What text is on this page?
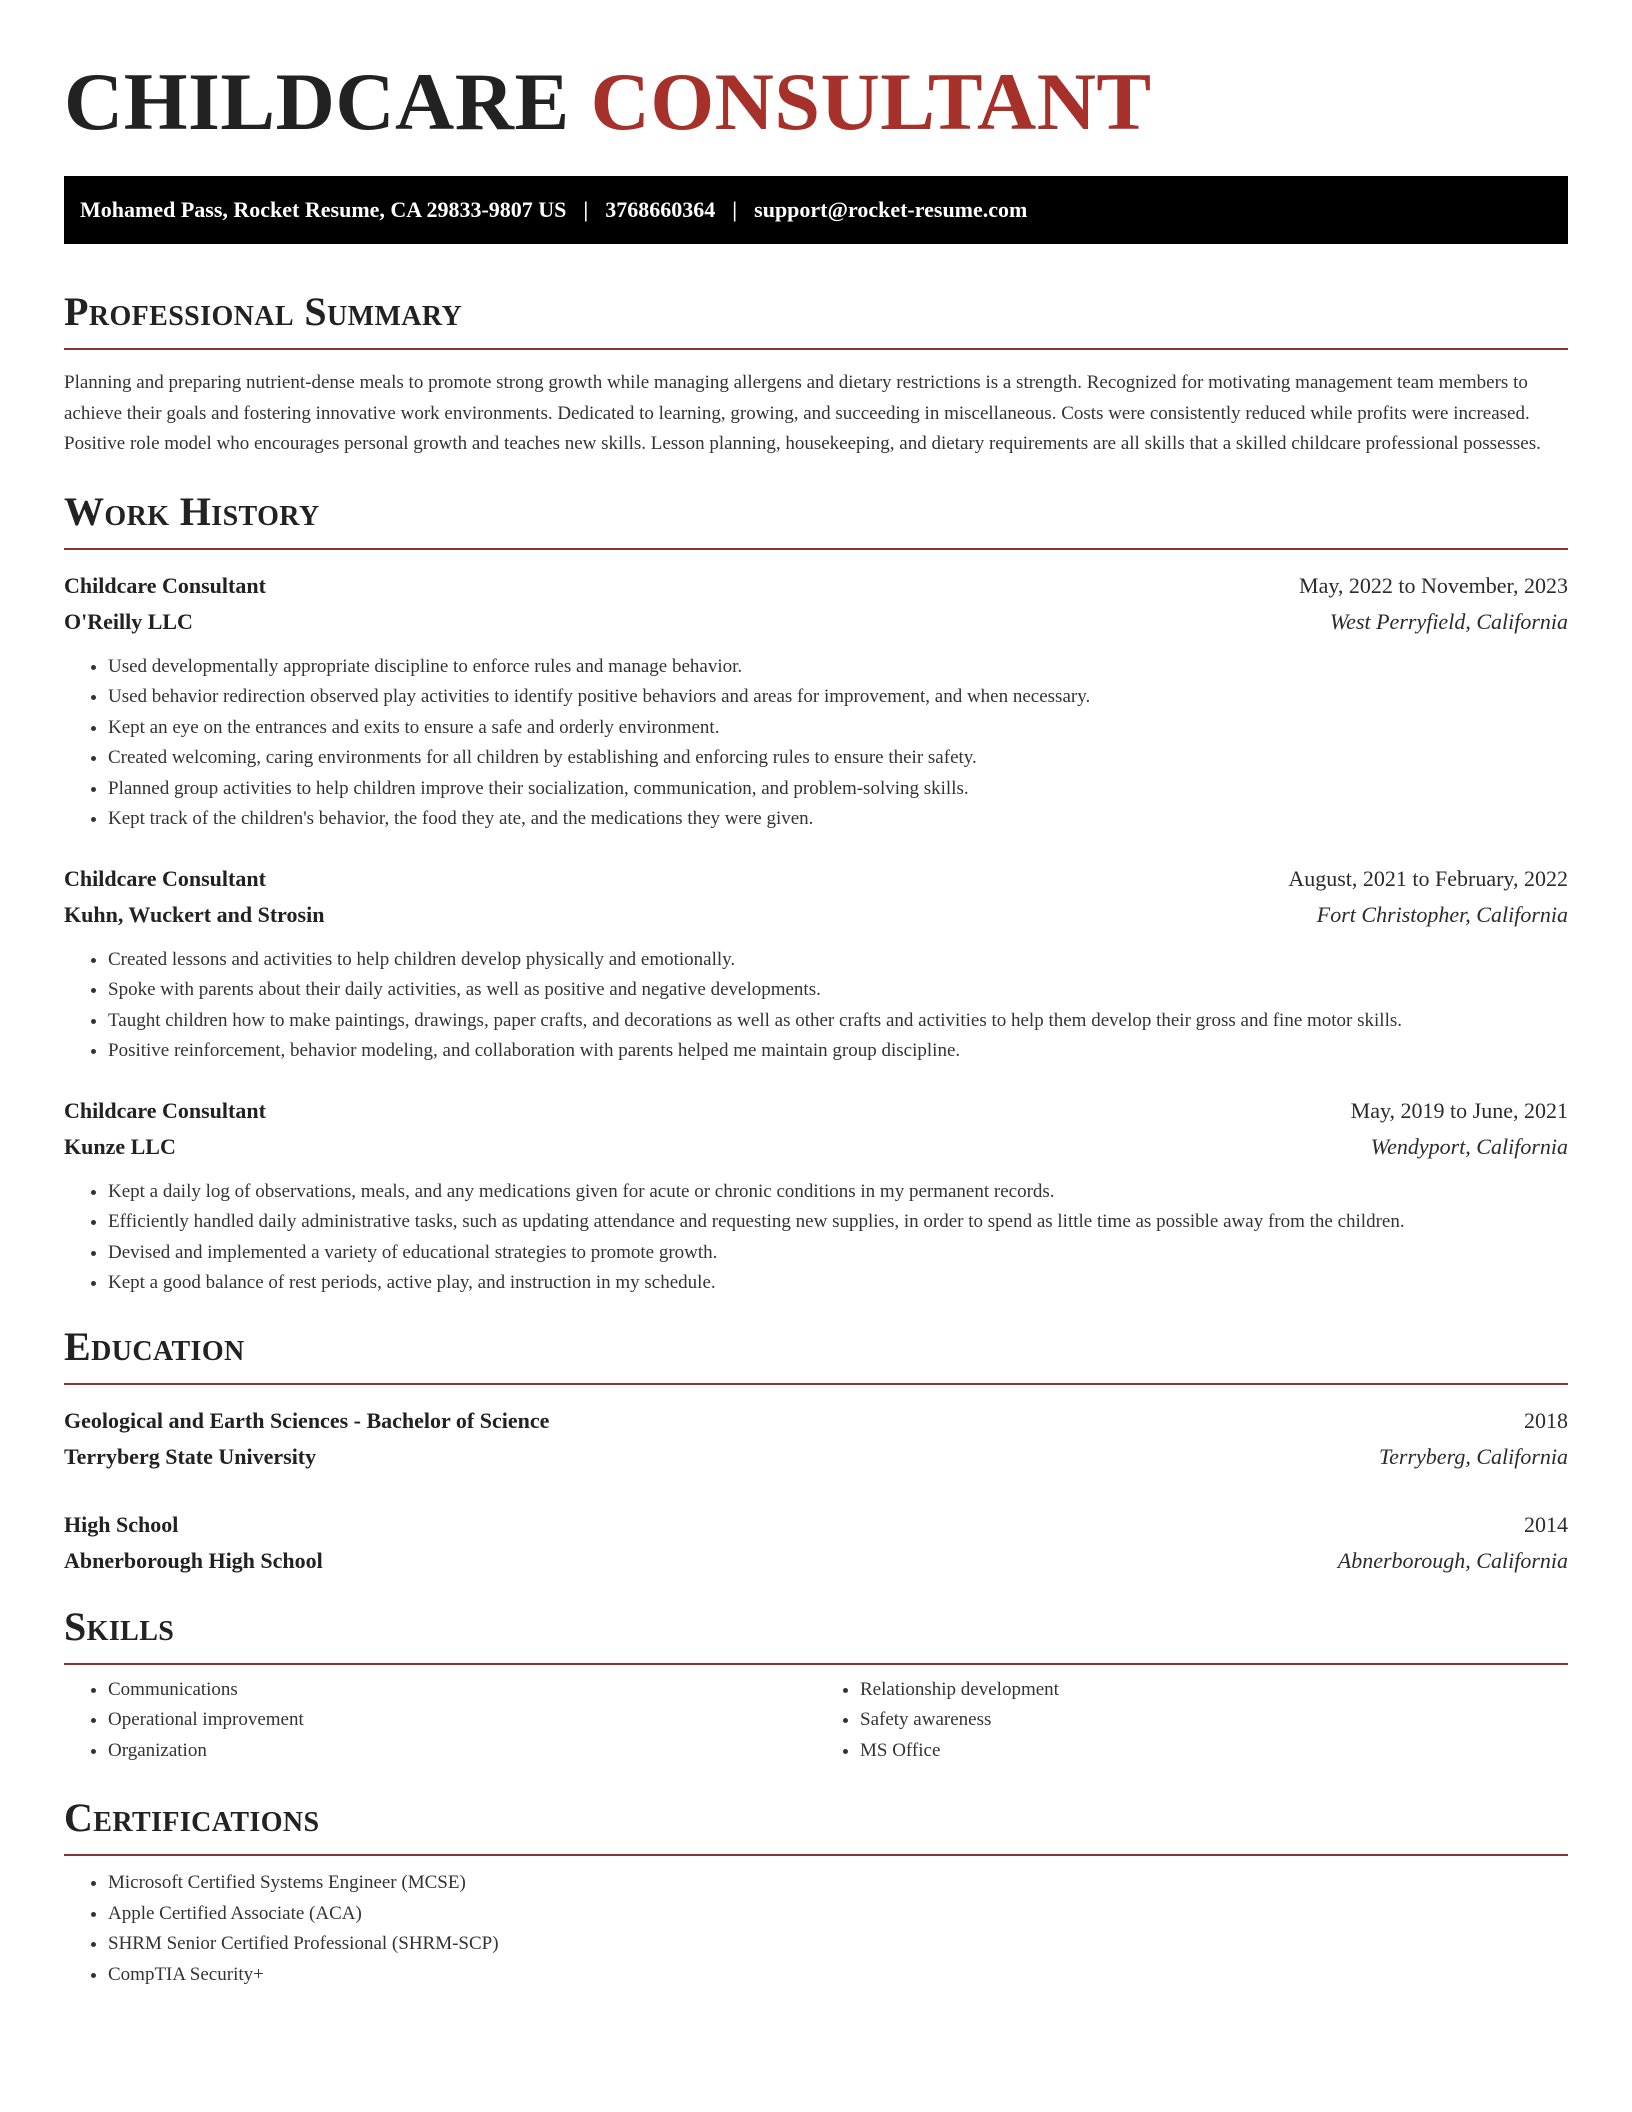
CHILDCARE CONSULTANT
Mohamed Pass, Rocket Resume, CA 29833-9807 US | 3768660364 | support@rocket-resume.com
Professional Summary

Planning and preparing nutrient-dense meals to promote strong growth while managing allergens and dietary restrictions is a strength. Recognized for motivating management team members to achieve their goals and fostering innovative work environments. Dedicated to learning, growing, and succeeding in miscellaneous. Costs were consistently reduced while profits were increased. Positive role model who encourages personal growth and teaches new skills. Lesson planning, housekeeping, and dietary requirements are all skills that a skilled childcare professional possesses.

Work History
Childcare Consultant	May, 2022 to November, 2023
O'Reilly LLC	West Perryfield, California
• Used developmentally appropriate discipline to enforce rules and manage behavior.
• Used behavior redirection observed play activities to identify positive behaviors and areas for improvement, and when necessary.
• Kept an eye on the entrances and exits to ensure a safe and orderly environment.
• Created welcoming, caring environments for all children by establishing and enforcing rules to ensure their safety.
• Planned group activities to help children improve their socialization, communication, and problem-solving skills.
• Kept track of the children's behavior, the food they ate, and the medications they were given.
Childcare Consultant	August, 2021 to February, 2022
Kuhn, Wuckert and Strosin	Fort Christopher, California
• Created lessons and activities to help children develop physically and emotionally.
• Spoke with parents about their daily activities, as well as positive and negative developments.
• Taught children how to make paintings, drawings, paper crafts, and decorations as well as other crafts and activities to help them develop their gross and fine motor skills.
• Positive reinforcement, behavior modeling, and collaboration with parents helped me maintain group discipline.
Childcare Consultant	May, 2019 to June, 2021
Kunze LLC	Wendyport, California
• Kept a daily log of observations, meals, and any medications given for acute or chronic conditions in my permanent records.
• Efficiently handled daily administrative tasks, such as updating attendance and requesting new supplies, in order to spend as little time as possible away from the children.
• Devised and implemented a variety of educational strategies to promote growth.
• Kept a good balance of rest periods, active play, and instruction in my schedule.
Education
Geological and Earth Sciences - Bachelor of Science	2018
Terryberg State University	Terryberg, California
High School	2014
Abnerborough High School	Abnerborough, California
Skills
• Communications
• Operational improvement
• Organization
• Relationship development
• Safety awareness
• MS Office
Certifications
• Microsoft Certified Systems Engineer (MCSE)
• Apple Certified Associate (ACA)
• SHRM Senior Certified Professional (SHRM-SCP)
• CompTIA Security+
